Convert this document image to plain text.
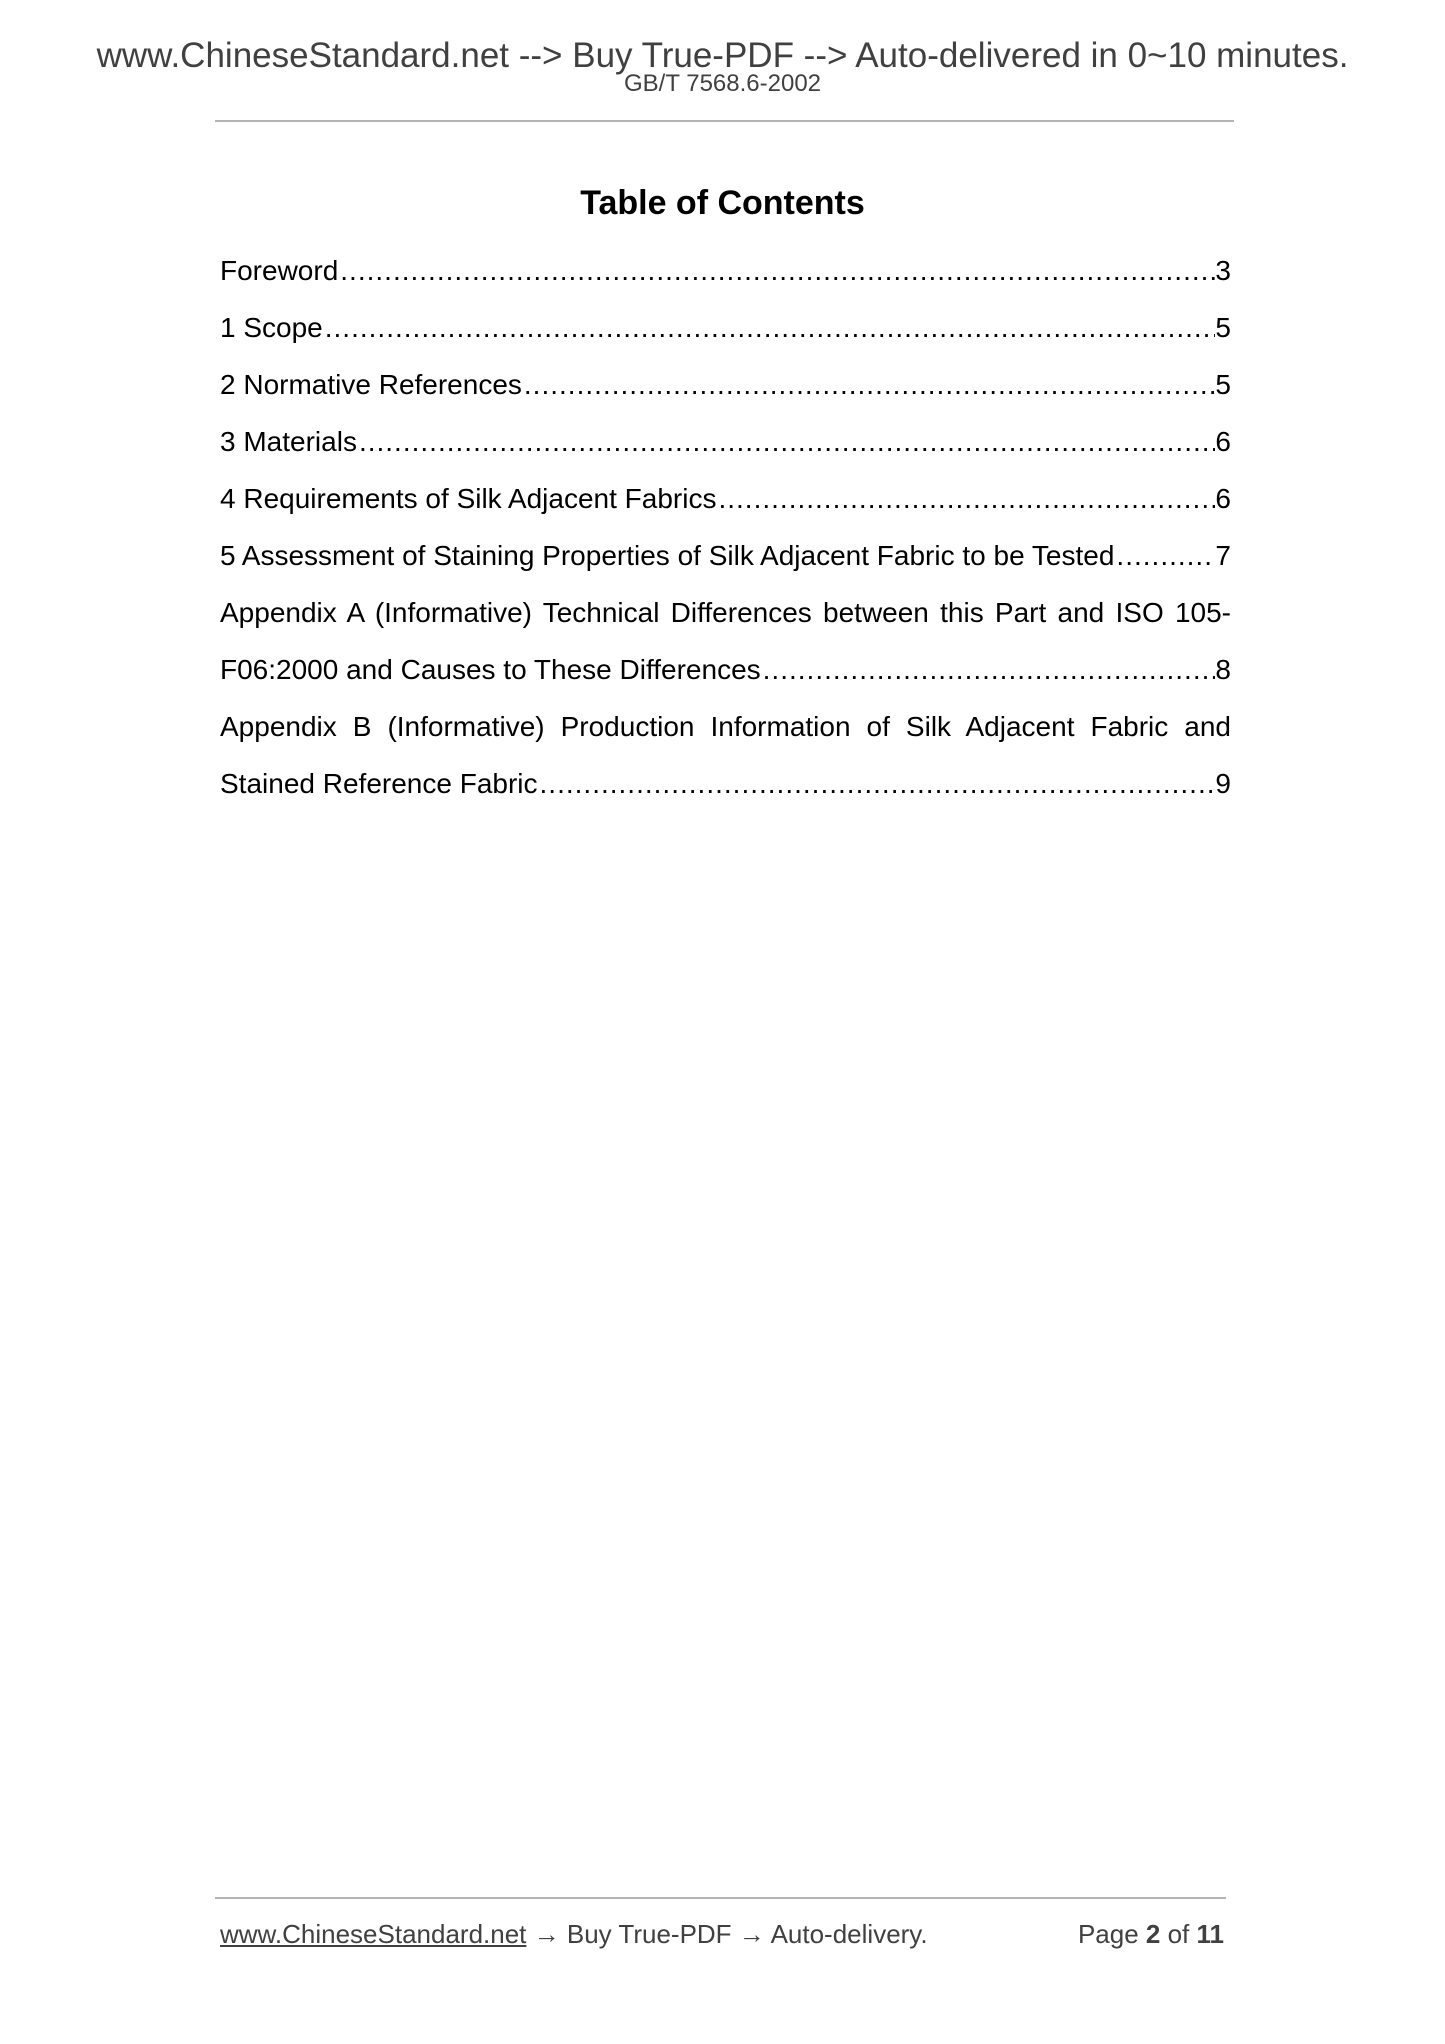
www.ChineseStandard.net --> Buy True-PDF --> Auto-delivered in 0~10 minutes.
GB/T 7568.6-2002
Table of Contents
Foreword .....	3
1 Scope .....	5
2 Normative References .....	5
3 Materials .....	6
4 Requirements of Silk Adjacent Fabrics .....	6
5 Assessment of Staining Properties of Silk Adjacent Fabric to be Tested .....	7
Appendix A (Informative) Technical Differences between this Part and ISO 105-
F06:2000 and Causes to These Differences .....	8
Appendix B (Informative) Production Information of Silk Adjacent Fabric and
Stained Reference Fabric .....	9
www.ChineseStandard.net → Buy True-PDF → Auto-delivery.	Page 2 of 11
